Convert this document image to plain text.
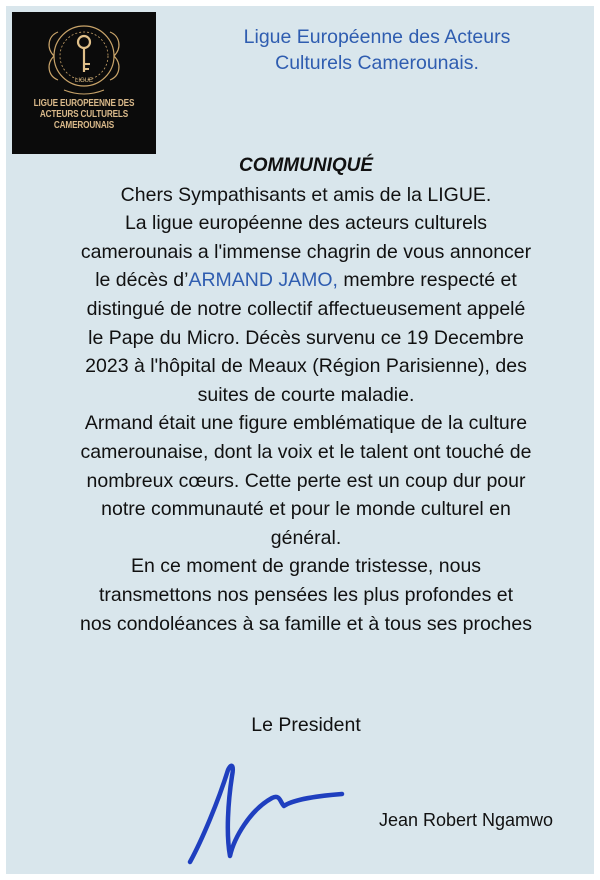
LIGUE
LIGUE EUROPEENNE DES
ACTEURS CULTURELS
CAMEROUNAIS
Ligue Européenne des Acteurs
Culturels Camerounais.

COMMUNIQUÉ

Chers Sympathisants et amis de la LIGUE.

La ligue européenne des acteurs culturels

camerounais a l'immense chagrin de vous annoncer

le décès d’ARMAND JAMO, membre respecté et

distingué de notre collectif affectueusement appelé

le Pape du Micro. Décès survenu ce 19 Decembre

2023 à l'hôpital de Meaux (Région Parisienne), des

suites de courte maladie.

Armand était une figure emblématique de la culture

camerounaise, dont la voix et le talent ont touché de

nombreux cœurs. Cette perte est un coup dur pour

notre communauté et pour le monde culturel en

général.

En ce moment de grande tristesse, nous

transmettons nos pensées les plus profondes et

nos condoléances à sa famille et à tous ses proches

Le President
Jean Robert Ngamwo
